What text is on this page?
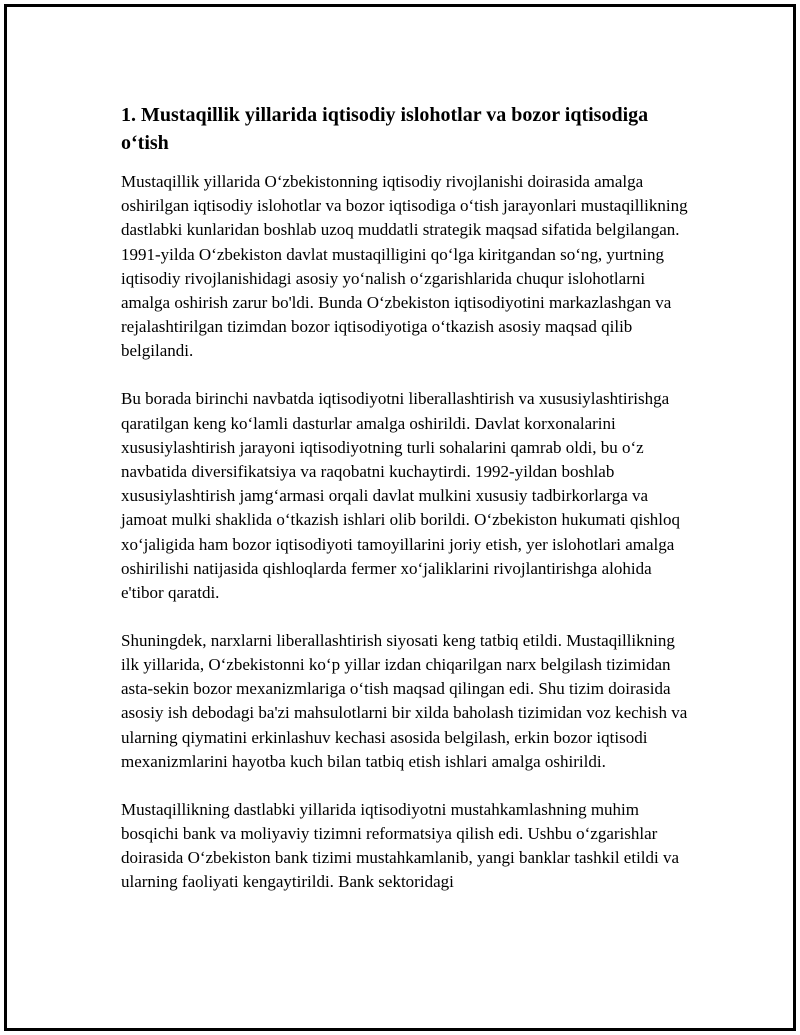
1. Mustaqillik yillarida iqtisodiy islohotlar va bozor iqtisodiga o‘tish

Mustaqillik yillarida O‘zbekistonning iqtisodiy rivojlanishi doirasida amalga oshirilgan iqtisodiy islohotlar va bozor iqtisodiga o‘tish jarayonlari mustaqillikning dastlabki kunlaridan boshlab uzoq muddatli strategik maqsad sifatida belgilangan. 1991-yilda O‘zbekiston davlat mustaqilligini qo‘lga kiritgandan so‘ng, yurtning iqtisodiy rivojlanishidagi asosiy yo‘nalish o‘zgarishlarida chuqur islohotlarni amalga oshirish zarur bo'ldi. Bunda O‘zbekiston iqtisodiyotini markazlashgan va rejalashtirilgan tizimdan bozor iqtisodiyotiga o‘tkazish asosiy maqsad qilib belgilandi.

Bu borada birinchi navbatda iqtisodiyotni liberallashtirish va xususiylashtirishga qaratilgan keng ko‘lamli dasturlar amalga oshirildi. Davlat korxonalarini xususiylashtirish jarayoni iqtisodiyotning turli sohalarini qamrab oldi, bu o‘z navbatida diversifikatsiya va raqobatni kuchaytirdi. 1992-yildan boshlab xususiylashtirish jamg‘armasi orqali davlat mulkini xususiy tadbirkorlarga va jamoat mulki shaklida o‘tkazish ishlari olib borildi. O‘zbekiston hukumati qishloq xo‘jaligida ham bozor iqtisodiyoti tamoyillarini joriy etish, yer islohotlari amalga oshirilishi natijasida qishloqlarda fermer xo‘jaliklarini rivojlantirishga alohida e'tibor qaratdi.

Shuningdek, narxlarni liberallashtirish siyosati keng tatbiq etildi. Mustaqillikning ilk yillarida, O‘zbekistonni ko‘p yillar izdan chiqarilgan narx belgilash tizimidan asta-sekin bozor mexanizmlariga o‘tish maqsad qilingan edi. Shu tizim doirasida asosiy ish debodagi ba'zi mahsulotlarni bir xilda baholash tizimidan voz kechish va ularning qiymatini erkinlashuv kechasi asosida belgilash, erkin bozor iqtisodi mexanizmlarini hayotba kuch bilan tatbiq etish ishlari amalga oshirildi.

Mustaqillikning dastlabki yillarida iqtisodiyotni mustahkamlashning muhim bosqichi bank va moliyaviy tizimni reformatsiya qilish edi. Ushbu o‘zgarishlar doirasida O‘zbekiston bank tizimi mustahkamlanib, yangi banklar tashkil etildi va ularning faoliyati kengaytirildi. Bank sektoridagi
